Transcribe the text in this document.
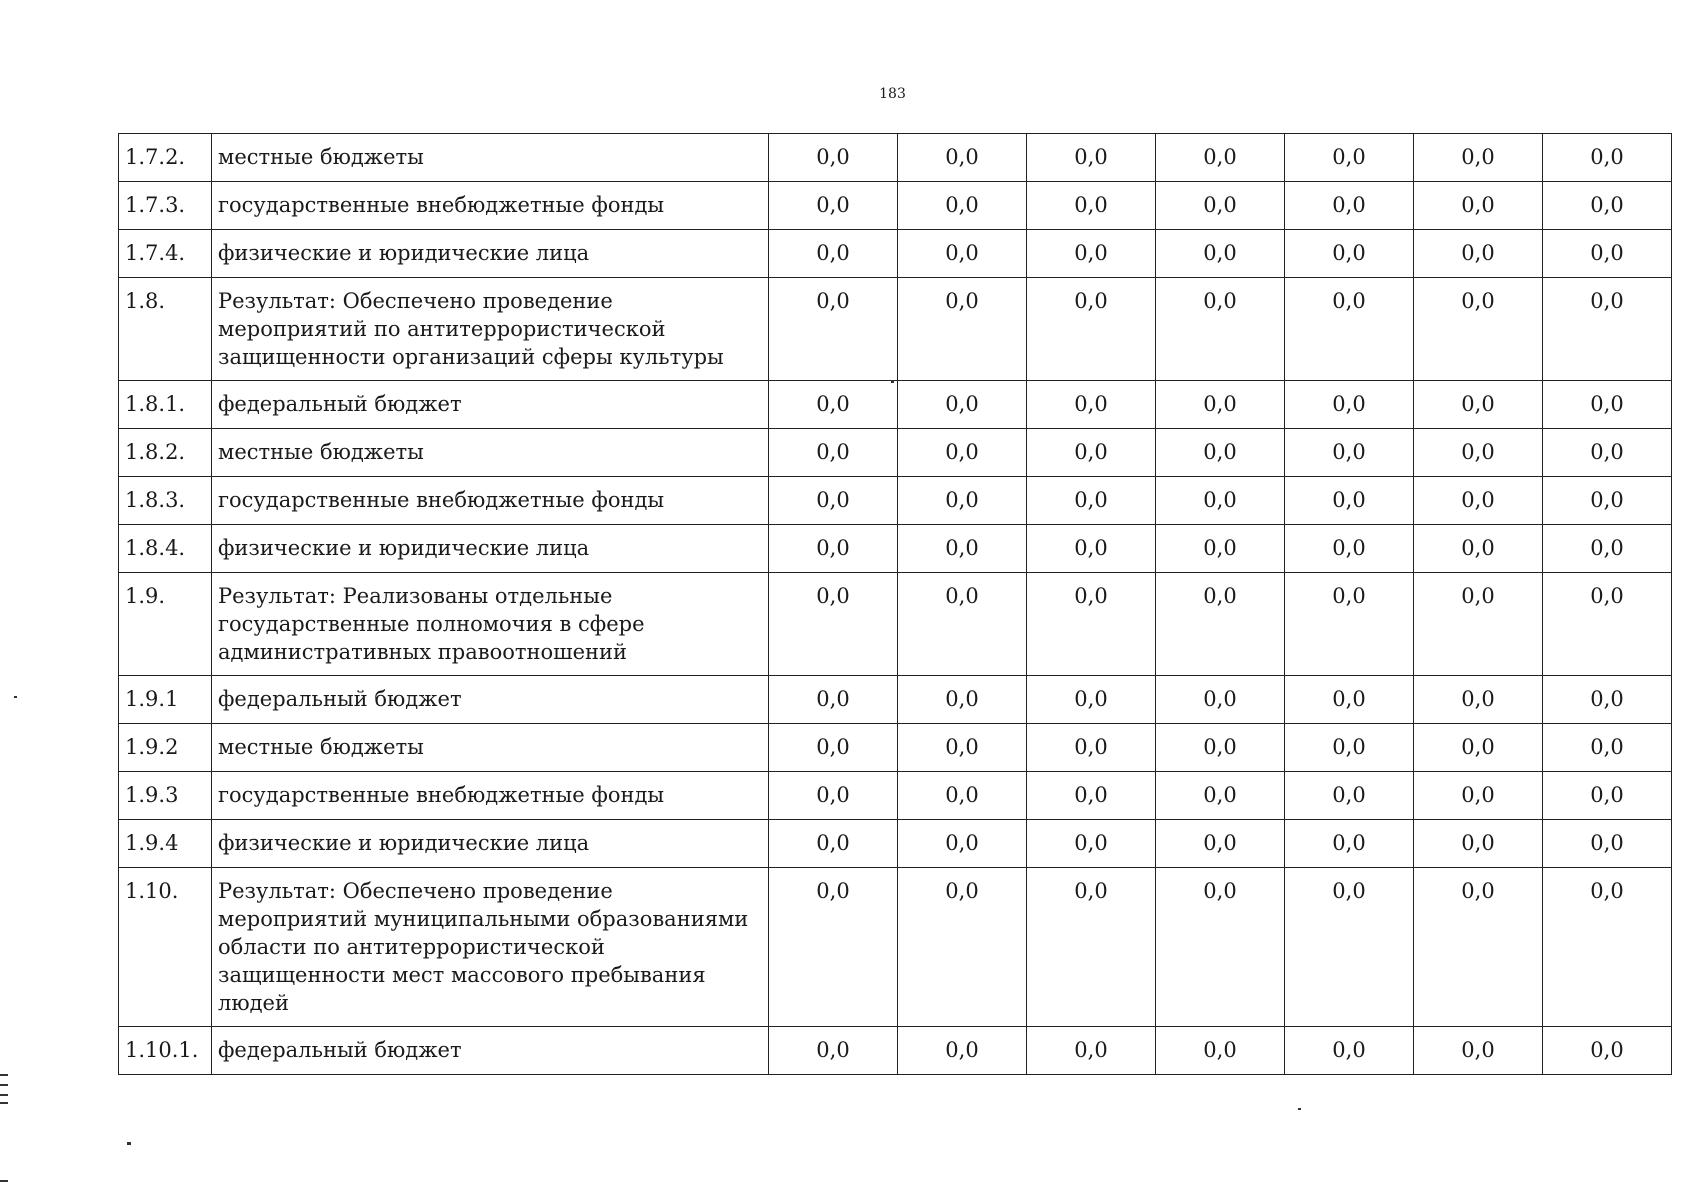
183
1.7.2.	местные бюджеты	0,0	0,0	0,0	0,0	0,0	0,0	0,0
1.7.3.	государственные внебюджетные фонды	0,0	0,0	0,0	0,0	0,0	0,0	0,0
1.7.4.	физические и юридические лица	0,0	0,0	0,0	0,0	0,0	0,0	0,0
1.8.	Результат: Обеспечено проведение мероприятий по антитеррористической защищенности организаций сферы культуры	0,0	0,0	0,0	0,0	0,0	0,0	0,0
1.8.1.	федеральный бюджет	0,0	0,0	0,0	0,0	0,0	0,0	0,0
1.8.2.	местные бюджеты	0,0	0,0	0,0	0,0	0,0	0,0	0,0
1.8.3.	государственные внебюджетные фонды	0,0	0,0	0,0	0,0	0,0	0,0	0,0
1.8.4.	физические и юридические лица	0,0	0,0	0,0	0,0	0,0	0,0	0,0
1.9.	Результат: Реализованы отдельные государственные полномочия в сфере административных правоотношений	0,0	0,0	0,0	0,0	0,0	0,0	0,0
1.9.1	федеральный бюджет	0,0	0,0	0,0	0,0	0,0	0,0	0,0
1.9.2	местные бюджеты	0,0	0,0	0,0	0,0	0,0	0,0	0,0
1.9.3	государственные внебюджетные фонды	0,0	0,0	0,0	0,0	0,0	0,0	0,0
1.9.4	физические и юридические лица	0,0	0,0	0,0	0,0	0,0	0,0	0,0
1.10.	Результат: Обеспечено проведение мероприятий муниципальными образованиями области по антитеррористической защищенности мест массового пребывания людей	0,0	0,0	0,0	0,0	0,0	0,0	0,0
1.10.1.	федеральный бюджет	0,0	0,0	0,0	0,0	0,0	0,0	0,0
